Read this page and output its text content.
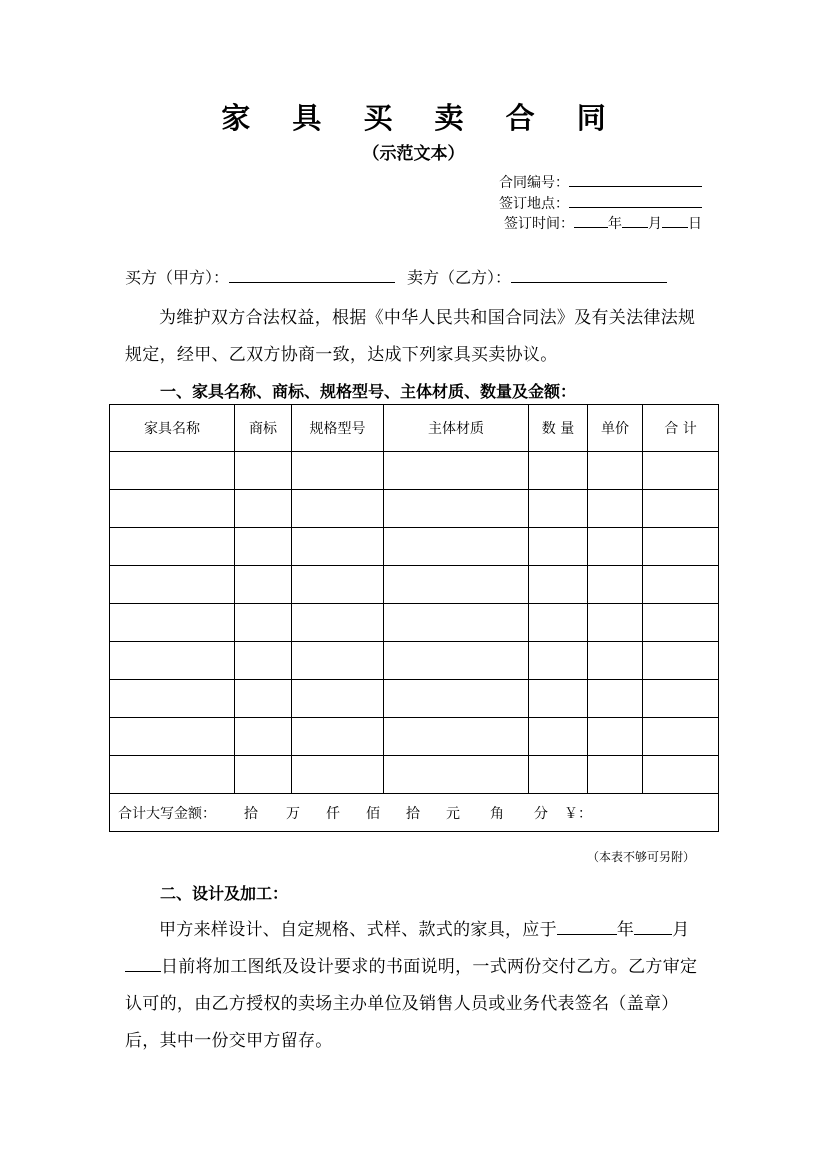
家 具 买 卖 合 同
（示范文本）
合同编号：
签订地点：
签订时间： 年 月 日
买方（甲方）：	卖方（乙方）：
为维护双方合法权益，根据《中华人民共和国合同法》及有关法律法规规定，经甲、乙双方协商一致，达成下列家具买卖协议。
一、家具名称、商标、规格型号、主体材质、数量及金额：
家具名称	商标	规格型号	主体材质	数 量	单价	合 计

合计大写金额： 拾 万 仟 佰 拾 元 角 分 ￥：						
（本表不够可另附）
二、设计及加工：
甲方来样设计、自定规格、式样、款式的家具，应于	年 月日前将加工图纸及设计要求的书面说明，一式两份交付乙方。乙方审定认可的，由乙方授权的卖场主办单位及销售人员或业务代表签名（盖章）后，其中一份交甲方留存。
